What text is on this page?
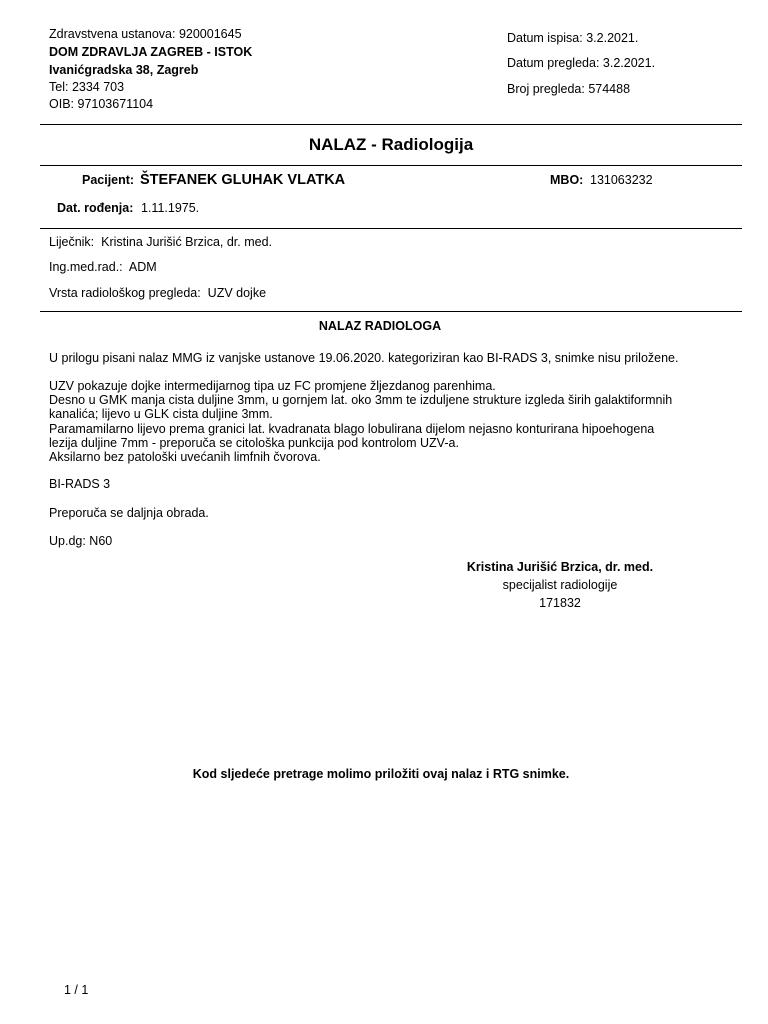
Zdravstvena ustanova: 920001645
DOM ZDRAVLJA ZAGREB - ISTOK
Ivanićgradska 38, Zagreb
Tel: 2334 703
OIB: 97103671104
Datum ispisa: 3.2.2021.
Datum pregleda: 3.2.2021.
Broj pregleda: 574488
NALAZ - Radiologija
Pacijent: ŠTEFANEK GLUHAK VLATKA	MBO: 131063232
Dat. rođenja: 1.11.1975.
Liječnik: Kristina Jurišić Brzica, dr. med.
Ing.med.rad.: ADM
Vrsta radiološkog pregleda: UZV dojke
NALAZ RADIOLOGA
U prilogu pisani nalaz MMG iz vanjske ustanove 19.06.2020. kategoriziran kao BI-RADS 3, snimke nisu priložene.
UZV pokazuje dojke intermedijarnog tipa uz FC promjene žljezdanog parenhima.
Desno u GMK manja cista duljine 3mm, u gornjem lat. oko 3mm te izduljene strukture izgleda širih galaktiformnih
kanalića; lijevo u GLK cista duljine 3mm.
Paramamilarno lijevo prema granici lat. kvadranata blago lobulirana dijelom nejasno konturirana hipoehogena
lezija duljine 7mm - preporuča se citološka punkcija pod kontrolom UZV-a.
Aksilarno bez patološki uvećanih limfnih čvorova.
BI-RADS 3
Preporuča se daljnja obrada.
Up.dg: N60
Kristina Jurišić Brzica, dr. med.
specijalist radiologije
171832
Kod sljedeće pretrage molimo priložiti ovaj nalaz i RTG snimke.
1 / 1
